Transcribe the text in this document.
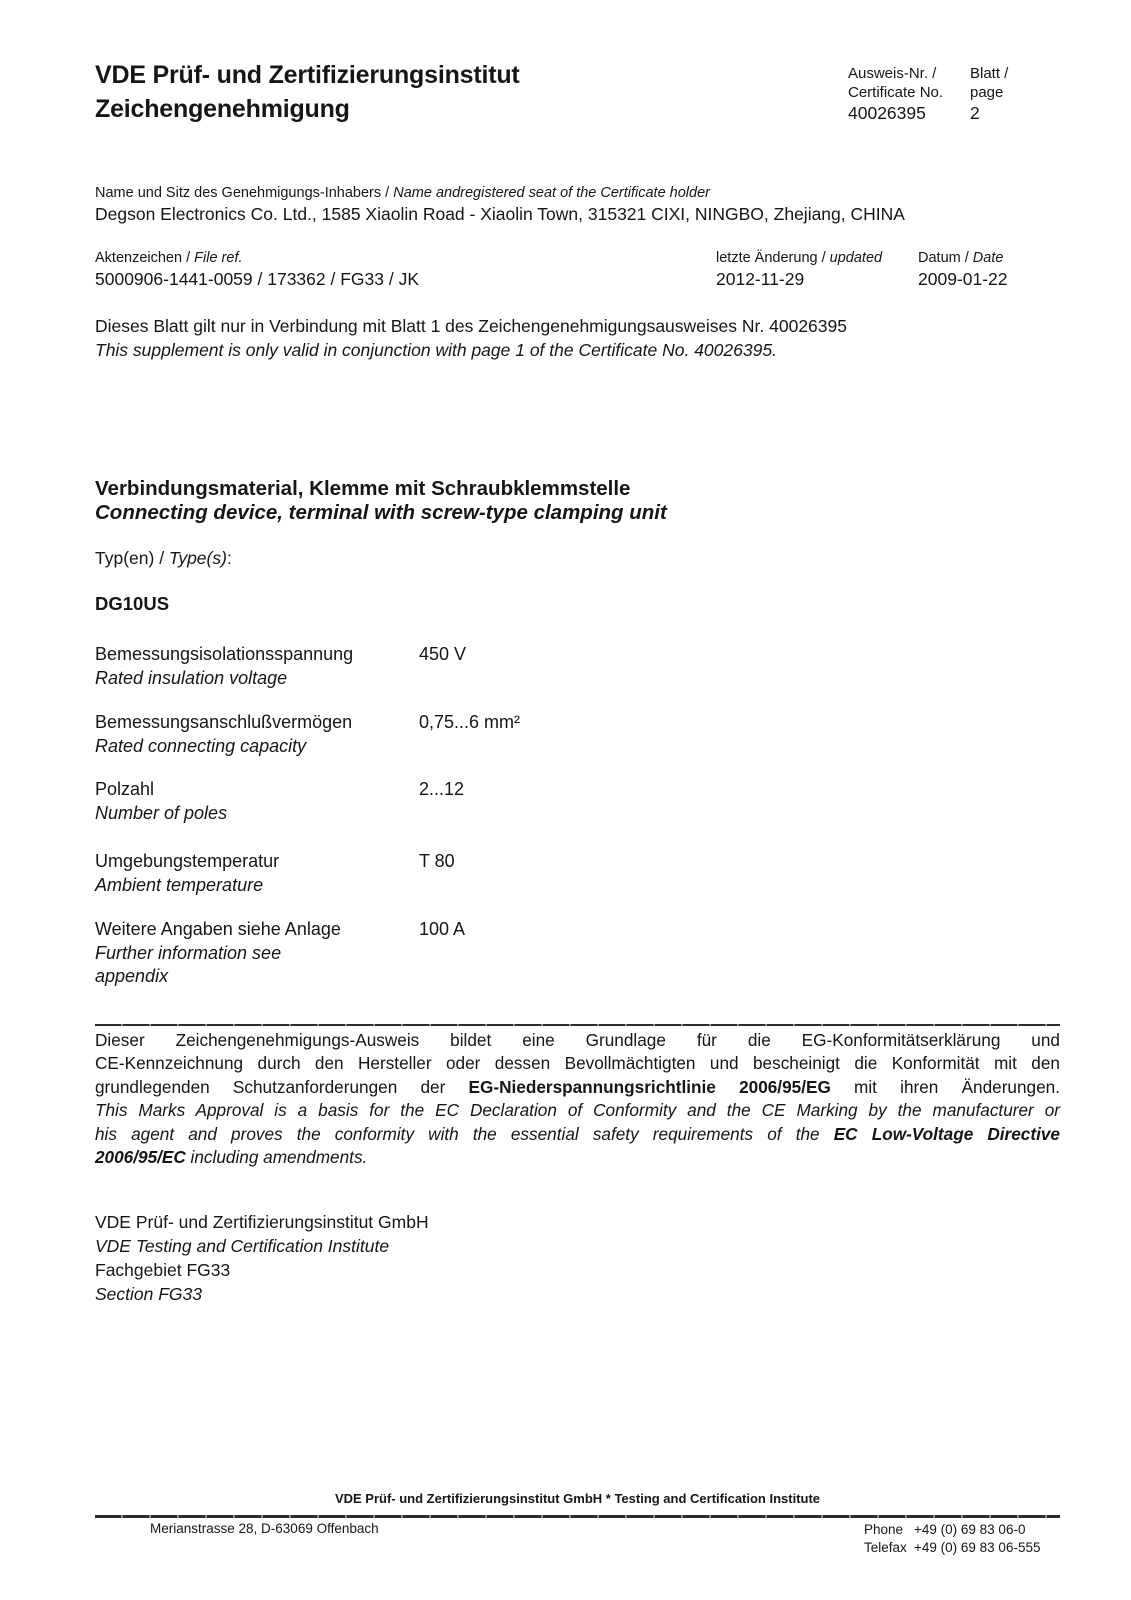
VDE Prüf- und Zertifizierungsinstitut
Zeichengenehmigung
Ausweis-Nr. /
Certificate No.
40026395
Blatt /
page
2
Name und Sitz des Genehmigungs-Inhabers / Name andregistered seat of the Certificate holder
Degson Electronics Co. Ltd., 1585 Xiaolin Road - Xiaolin Town, 315321 CIXI, NINGBO, Zhejiang, CHINA
Aktenzeichen / File ref.
5000906-1441-0059 / 173362 / FG33 / JK
letzte Änderung / updated
2012-11-29
Datum / Date
2009-01-22
Dieses Blatt gilt nur in Verbindung mit Blatt 1 des Zeichengenehmigungsausweises Nr. 40026395
This supplement is only valid in conjunction with page 1 of the Certificate No. 40026395.
Verbindungsmaterial, Klemme mit Schraubklemmstelle
Connecting device, terminal with screw-type clamping unit
Typ(en) / Type(s):
DG10US
Bemessungsisolationsspannung
Rated insulation voltage
450 V
Bemessungsanschlußvermögen
Rated connecting capacity
0,75...6 mm²
Polzahl
Number of poles
2...12
Umgebungstemperatur
Ambient temperature
T 80
Weitere Angaben siehe Anlage
Further information see
appendix
100 A
Dieser Zeichengenehmigungs-Ausweis bildet eine Grundlage für die EG-Konformitätserklärung und
CE-Kennzeichnung durch den Hersteller oder dessen Bevollmächtigten und bescheinigt die Konformität mit den
grundlegenden Schutzanforderungen der EG-Niederspannungsrichtlinie 2006/95/EG mit ihren Änderungen.
This Marks Approval is a basis for the EC Declaration of Conformity and the CE Marking by the manufacturer or
his agent and proves the conformity with the essential safety requirements of the EC Low-Voltage Directive
2006/95/EC including amendments.
VDE Prüf- und Zertifizierungsinstitut GmbH
VDE Testing and Certification Institute
Fachgebiet FG33
Section FG33
VDE Prüf- und Zertifizierungsinstitut GmbH * Testing and Certification Institute
Merianstrasse 28, D-63069 Offenbach	Phone +49 (0) 69 83 06-0
Telefax +49 (0) 69 83 06-555
